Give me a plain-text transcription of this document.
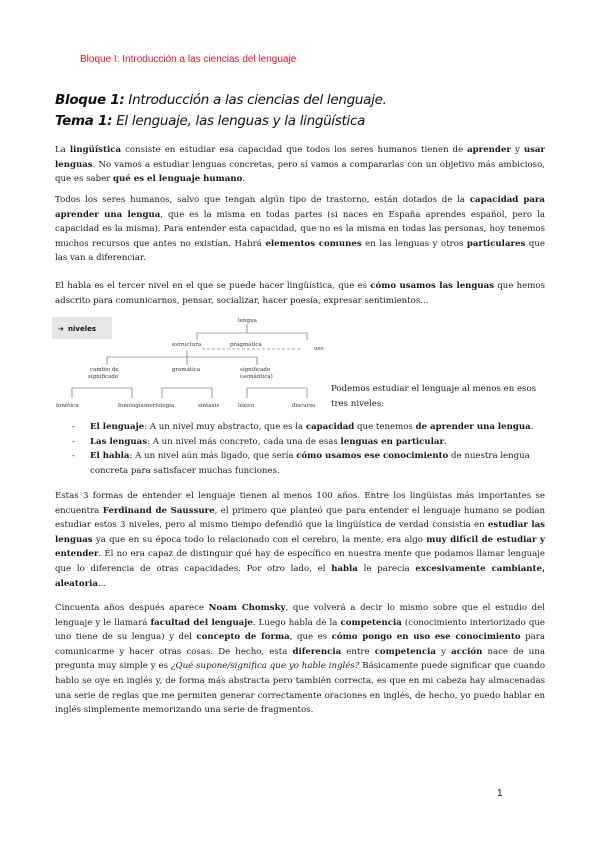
Bloque I: Introducción a las ciencias del lenguaje
Bloque 1: Introducción a las ciencias del lenguaje.
Tema 1: El lenguaje, las lenguas y la lingüística
La lingüística consiste en estudiar esa capacidad que todos los seres humanos tienen de aprender y usar lenguas. No vamos a estudiar lenguas concretas, pero sí vamos a compararlas con un objetivo más ambicioso, que es saber qué es el lenguaje humano.
Todos los seres humanos, salvo que tengan algún tipo de trastorno, están dotados de la capacidad para aprender una lengua, que es la misma en todas partes (si naces en España aprendes español, pero la capacidad es la misma). Para entender esta capacidad, que no es la misma en todas las personas, hoy tenemos muchos recursos que antes no existían. Habrá elementos comunes en las lenguas y otros particulares que las van a diferenciar.
El habla es el tercer nivel en el que se puede hacer lingüística, que es cómo usamos las lenguas que hemos adscrito para comunicarnos, pensar, socializar, hacer poesía, expresar sentimientos...
➔ niveles
lengua
estructura	pragmática
uso
cambio de
significado
gramática	significado
(semántica)
fonética	fonología morfología	sintaxis	léxico	discurso
Podemos estudiar el lenguaje al menos en esos tres niveles:
- El lenguaje: A un nivel muy abstracto, que es la capacidad que tenemos de aprender una lengua.
- Las lenguas: A un nivel más concreto, cada una de esas lenguas en particular.
- El habla: A un nivel aún más ligado, que sería cómo usamos ese conocimiento de nuestra lengua concreta para satisfacer muchas funciones.
Estas 3 formas de entender el lenguaje tienen al menos 100 años. Entre los lingüistas más importantes se encuentra Ferdinand de Saussure, el primero que planteó que para entender el lenguaje humano se podían estudiar estos 3 niveles, pero al mismo tiempo defendió que la lingüística de verdad consistía en estudiar las lenguas ya que en su época todo lo relacionado con el cerebro, la mente, era algo muy difícil de estudiar y entender. Él no era capaz de distinguir qué hay de específico en nuestra mente que podamos llamar lenguaje que lo diferencia de otras capacidades. Por otro lado, el habla le parecía excesivamente cambiante, aleatoria...
Cincuenta años después aparece Noam Chomsky, que volverá a decir lo mismo sobre que el estudio del lenguaje y le llamará facultad del lenguaje. Luego habla de la competencia (conocimiento interiorizado que uno tiene de su lengua) y del concepto de forma, que es cómo pongo en uso ese conocimiento para comunicarme y hacer otras cosas. De hecho, esta diferencia entre competencia y acción nace de una pregunta muy simple y es ¿Qué supone/significa que yo hable inglés? Básicamente puede significar que cuando hablo se oye en inglés y, de forma más abstracta pero también correcta, es que en mi cabeza hay almacenadas una serie de reglas que me permiten generar correctamente oraciones en inglés, de hecho, yo puedo hablar en inglés simplemente memorizando una serie de fragmentos.
1
